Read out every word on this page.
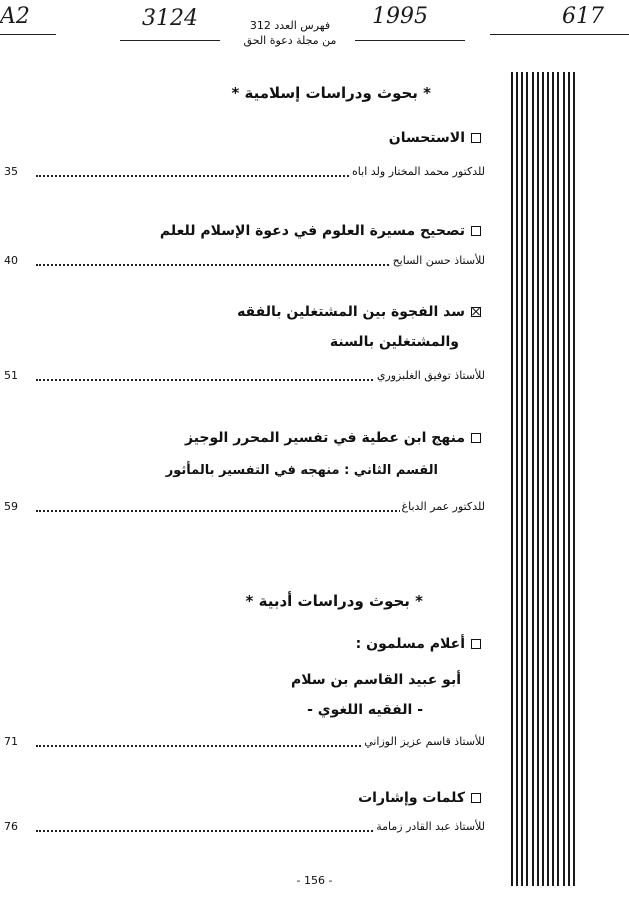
A2	3124	فهرس العدد 312
من مجلة دعوة الحق
1995	617
* بحوث ودراسات إسلامية *
الاستحسان
للدكتور محمد المختار ولد اباه
35
تصحيح مسيرة العلوم في دعوة الإسلام للعلم
للأستاذ حسن السايح
40
سد الفجوة بين المشتغلين بالفقه
والمشتغلين بالسنة
للأستاذ توفيق الغلبزوري
51
منهج ابن عطية في تفسير المحرر الوجيز
القسم الثاني : منهجه في التفسير بالمأثور
للدكتور عمر الدباغ
59
* بحوث ودراسات أدبية *
أعلام مسلمون :
أبو عبيد القاسم بن سلام
- الفقيه اللغوي -
للأستاذ قاسم عزيز الوزاني
71
كلمات وإشارات
للأستاذ عبد القادر زمامة
76
- 156 -
